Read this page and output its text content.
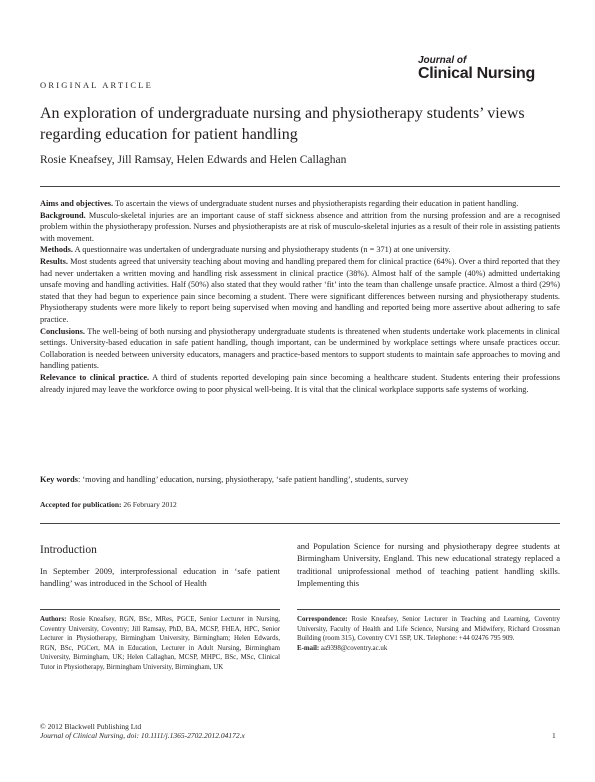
Journal of
Clinical Nursing
ORIGINAL ARTICLE
An exploration of undergraduate nursing and physiotherapy students’ views regarding education for patient handling
Rosie Kneafsey, Jill Ramsay, Helen Edwards and Helen Callaghan

Aims and objectives. To ascertain the views of undergraduate student nurses and physiotherapists regarding their education in patient handling.

Background. Musculo-skeletal injuries are an important cause of staff sickness absence and attrition from the nursing profession and are a recognised problem within the physiotherapy profession. Nurses and physiotherapists are at risk of musculo-skeletal injuries as a result of their role in assisting patients with movement.

Methods. A questionnaire was undertaken of undergraduate nursing and physiotherapy students (n = 371) at one university.

Results. Most students agreed that university teaching about moving and handling prepared them for clinical practice (64%). Over a third reported that they had never undertaken a written moving and handling risk assessment in clinical practice (38%). Almost half of the sample (40%) admitted undertaking unsafe moving and handling activities. Half (50%) also stated that they would rather ‘fit’ into the team than challenge unsafe practice. Almost a third (29%) stated that they had begun to experience pain since becoming a student. There were significant differences between nursing and physiotherapy students. Physiotherapy students were more likely to report being supervised when moving and handling and reported being more assertive about adhering to safe practice.

Conclusions. The well-being of both nursing and physiotherapy undergraduate students is threatened when students undertake work placements in clinical settings. University-based education in safe patient handling, though important, can be undermined by workplace settings where unsafe practices occur. Collaboration is needed between university educators, managers and practice-based mentors to support students to maintain safe approaches to moving and handling patients.

Relevance to clinical practice. A third of students reported developing pain since becoming a healthcare student. Students entering their professions already injured may leave the workforce owing to poor physical well-being. It is vital that the clinical workplace supports safe systems of working.

Key words: ‘moving and handling’ education, nursing, physiotherapy, ‘safe patient handling’, students, survey
Accepted for publication: 26 February 2012
Introduction
In September 2009, interprofessional education in ‘safe patient handling’ was introduced in the School of Health
and Population Science for nursing and physiotherapy degree students at Birmingham University, England. This new educational strategy replaced a traditional uniprofessional method of teaching patient handling skills. Implementing this
Authors: Rosie Kneafsey, RGN, BSc, MRes, PGCE, Senior Lecturer in Nursing, Coventry University, Coventry; Jill Ramsay, PhD, BA, MCSP, FHEA, HPC, Senior Lecturer in Physiotherapy, Birmingham University, Birmingham; Helen Edwards, RGN, BSc, PGCert, MA in Education, Lecturer in Adult Nursing, Birmingham University, Birmingham, UK; Helen Callaghan, MCSP, MHPC, BSc, MSc, Clinical Tutor in Physiotherapy, Birmingham University, Birmingham, UK
Correspondence: Rosie Kneafsey, Senior Lecturer in Teaching and Learning, Coventry University, Faculty of Health and Life Science, Nursing and Midwifery, Richard Crossman Building (room 315), Coventry CV1 5SP, UK. Telephone: +44 02476 795 909.
E-mail: aa9398@coventry.ac.uk
© 2012 Blackwell Publishing Ltd
Journal of Clinical Nursing, doi: 10.1111/j.1365-2702.2012.04172.x	1
